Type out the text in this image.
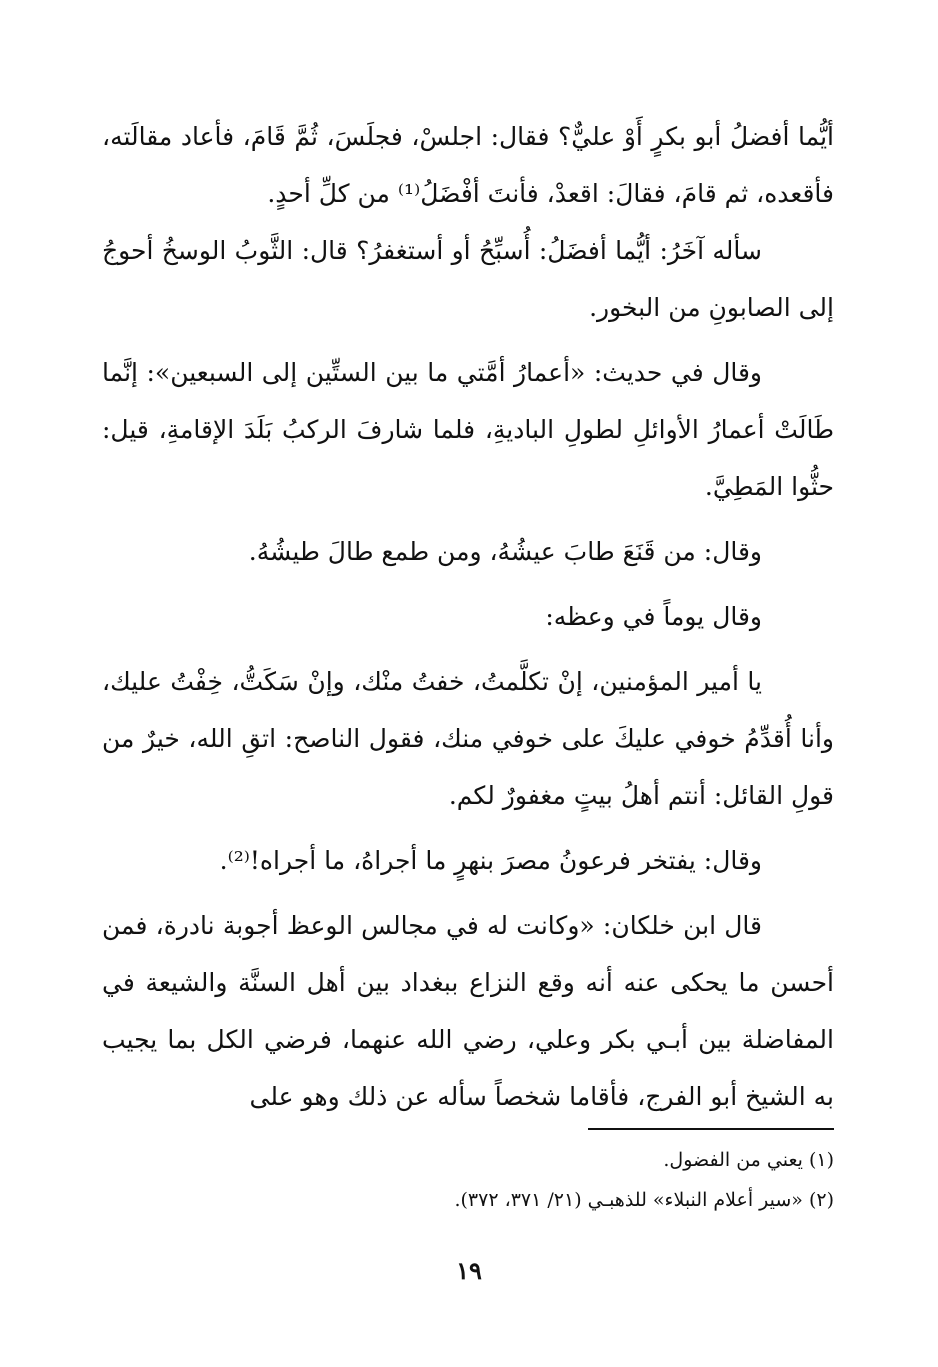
أيُّما أفضلُ أبو بكرٍ أَوْ عليٌّ؟ فقال: اجلسْ، فجلَسَ، ثُمَّ قَامَ، فأعاد مقالَته، فأقعده، ثم قامَ، فقالَ: اقعدْ، فأنتَ أفْضَلُ⁽¹⁾ من كلِّ أحدٍ.

سأله آخَرُ: أيُّما أفضَلُ: أُسبِّحُ أو أستغفرُ؟ قال: الثَّوبُ الوسخُ أحوجُ إلى الصابونِ من البخور.

وقال في حديث: «أعمارُ أمَّتي ما بين الستِّين إلى السبعين»: إنَّما طَالَتْ أعمارُ الأوائلِ لطولِ الباديةِ، فلما شارفَ الركبُ بَلَدَ الإقامةِ، قيل: حثُّوا المَطِيَّ.

وقال: من قَنَعَ طابَ عيشُهُ، ومن طمع طالَ طيشُهُ.

وقال يوماً في وعظه:

يا أمير المؤمنين، إنْ تكلَّمتُ، خفتُ منْك، وإنْ سَكَتُّ، خِفْتُ عليك، وأنا أُقدِّمُ خوفي عليكَ على خوفي منك، فقول الناصح: اتقِ الله، خيرٌ من قولِ القائل: أنتم أهلُ بيتٍ مغفورٌ لكم.

وقال: يفتخر فرعونُ مصرَ بنهرٍ ما أجراهُ، ما أجراه!⁽²⁾.

قال ابن خلكان: «وكانت له في مجالس الوعظ أجوبة نادرة، فمن أحسن ما يحكى عنه أنه وقع النزاع ببغداد بين أهل السنَّة والشيعة في المفاضلة بين أبـي بكر وعلي، رضي الله عنهما، فرضي الكل بما يجيب به الشيخ أبو الفرج، فأقاما شخصاً سأله عن ذلك وهو على

(١) يعني من الفضول.

(٢) «سير أعلام النبلاء» للذهبـي (٢١/ ٣٧١، ٣٧٢).

١٩
